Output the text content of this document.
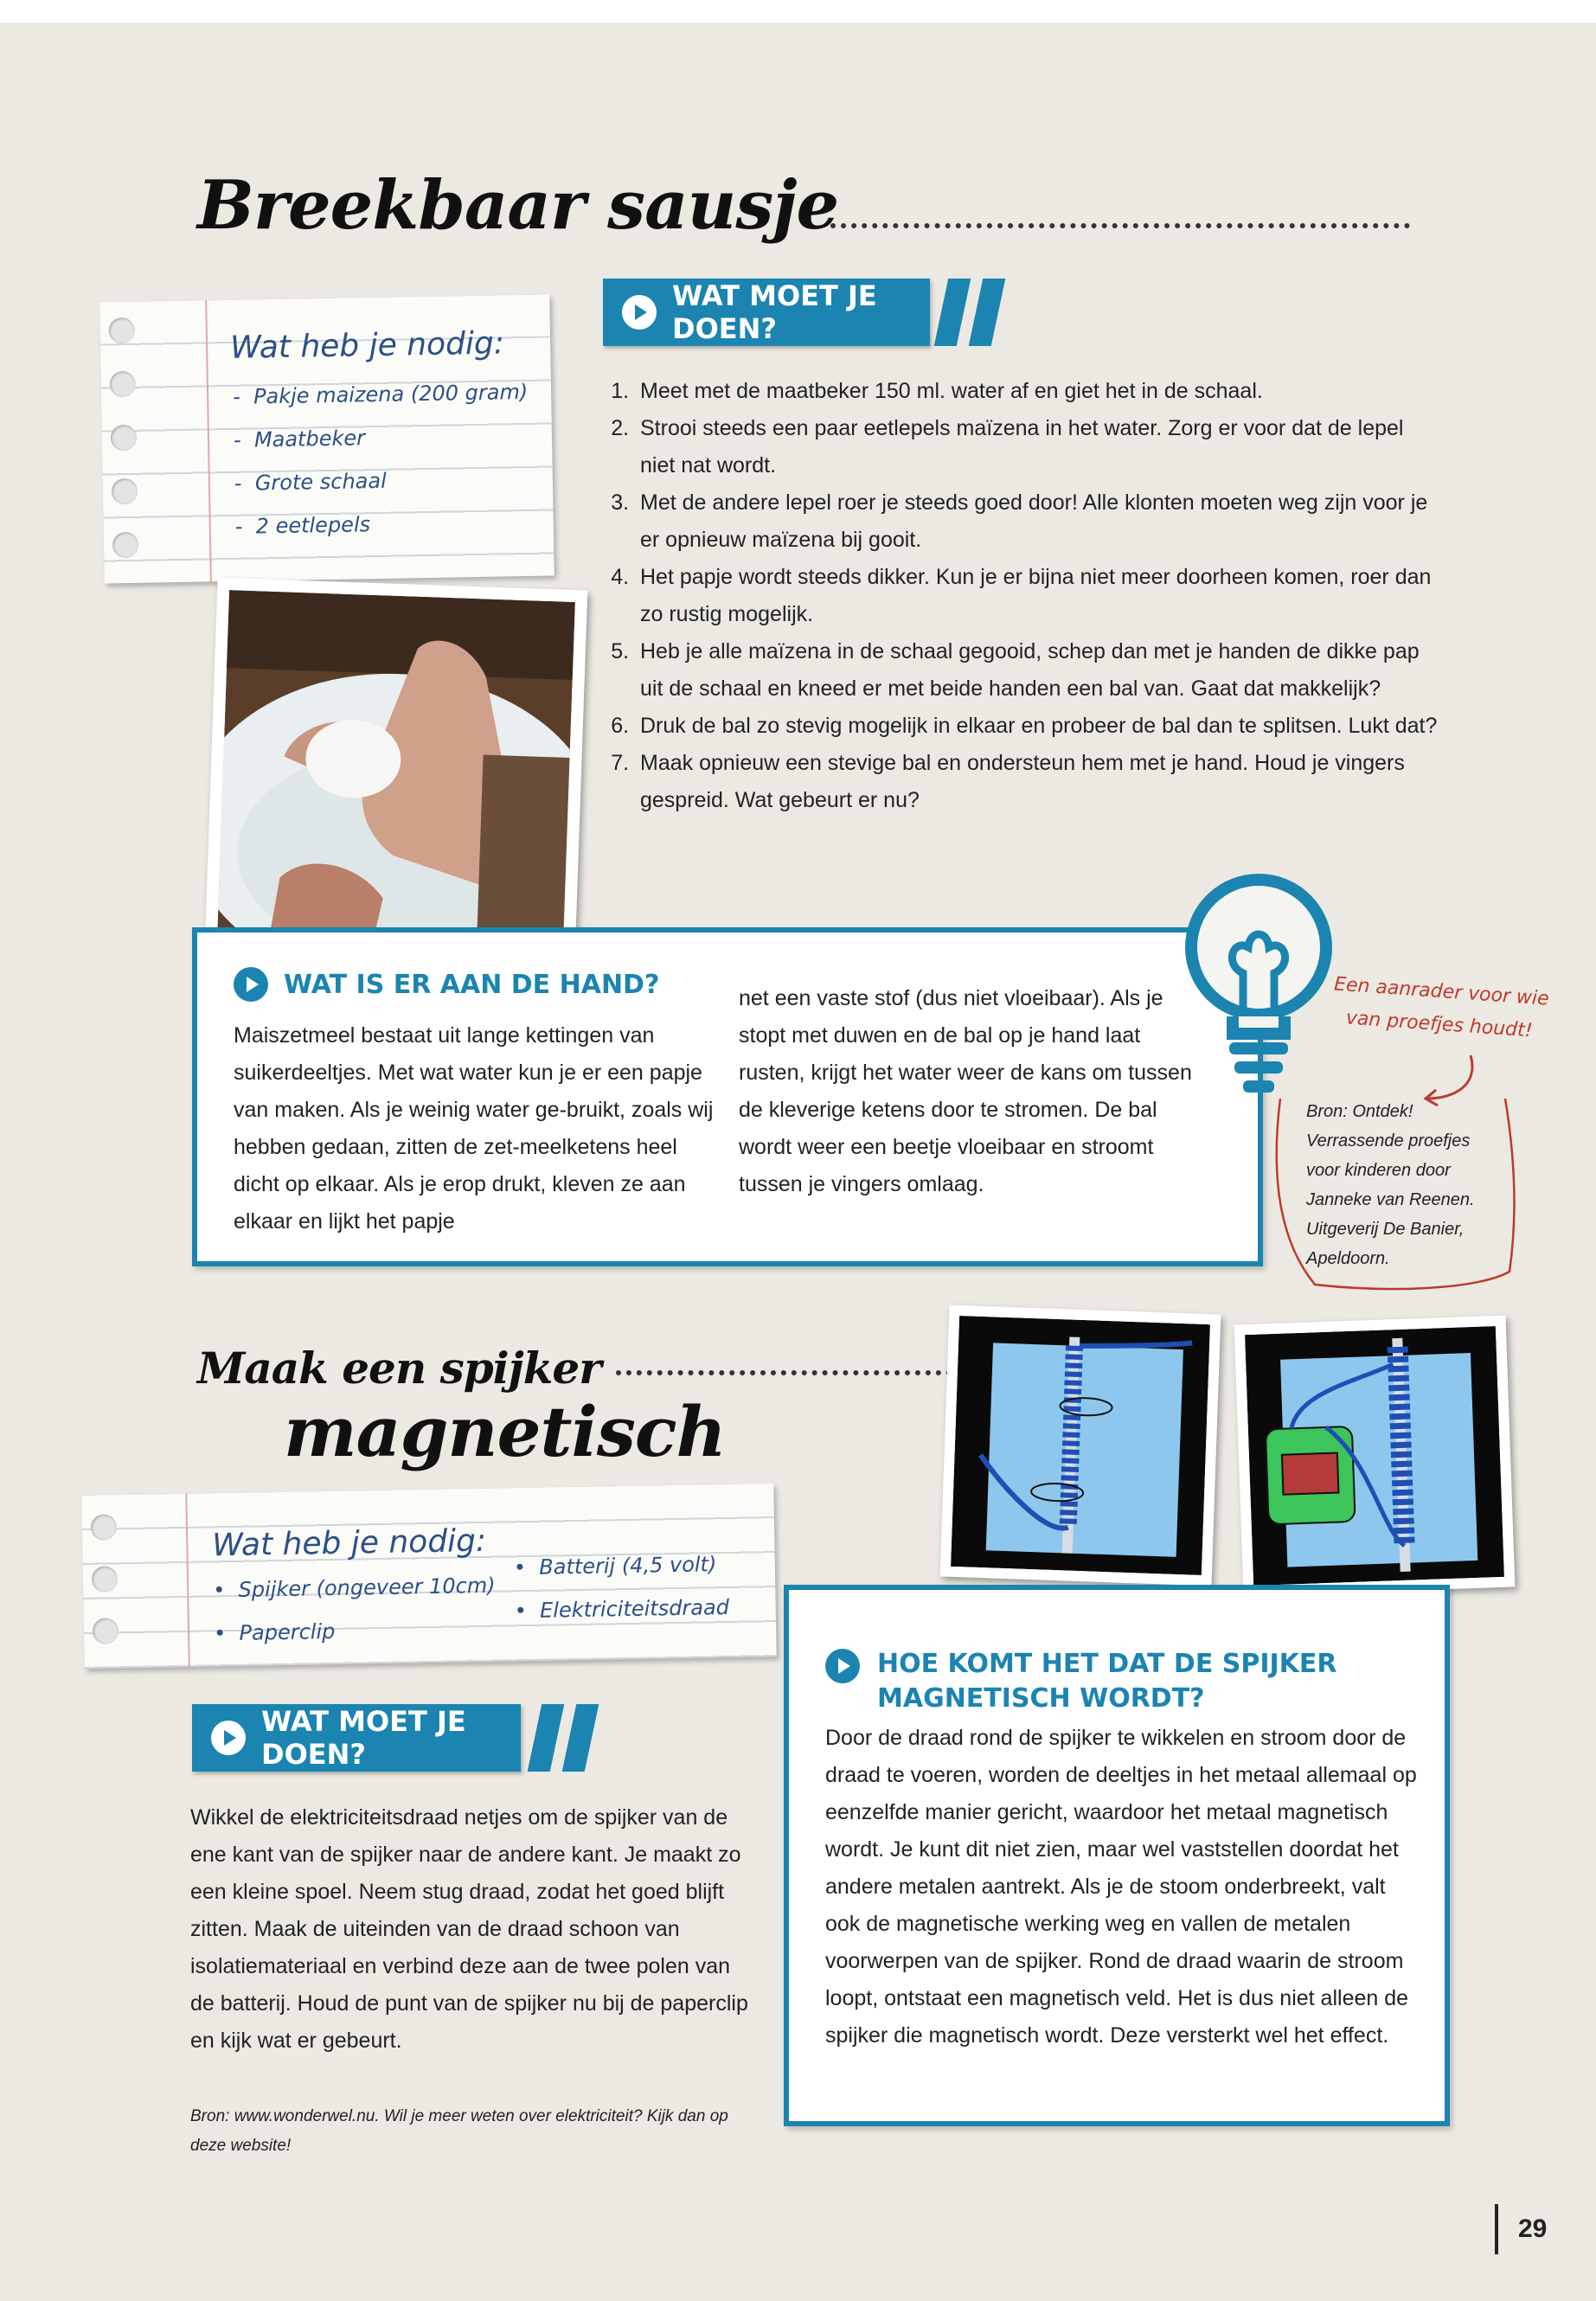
Breekbaar sausje
Wat heb je nodig:
-  Pakje maizena (200 gram)
-  Maatbeker
-  Grote schaal
-  2 eetlepels
WAT MOET JE DOEN?
1. Meet met de maatbeker 150 ml. water af en giet het in de schaal.
2. Strooi steeds een paar eetlepels maïzena in het water. Zorg er voor dat de lepel niet nat wordt.
3. Met de andere lepel roer je steeds goed door! Alle klonten moeten weg zijn voor je er opnieuw maïzena bij gooit.
4. Het papje wordt steeds dikker. Kun je er bijna niet meer doorheen komen, roer dan zo rustig mogelijk.
5. Heb je alle maïzena in de schaal gegooid, schep dan met je handen de dikke pap uit de schaal en kneed er met beide handen een bal van. Gaat dat makkelijk?
6. Druk de bal zo stevig mogelijk in elkaar en probeer de bal dan te splitsen. Lukt dat?
7. Maak opnieuw een stevige bal en ondersteun hem met je hand. Houd je vingers gespreid. Wat gebeurt er nu?
WAT IS ER AAN DE HAND?
Maiszetmeel bestaat uit lange kettingen van suikerdeeltjes. Met wat water kun je er een papje van maken. Als je weinig water ge-bruikt, zoals wij hebben gedaan, zitten de zet-meelketens heel dicht op elkaar. Als je erop drukt, kleven ze aan elkaar en lijkt het papje
net een vaste stof (dus niet vloeibaar). Als je stopt met duwen en de bal op je hand laat rusten, krijgt het water weer de kans om tussen de kleverige ketens door te stromen. De bal wordt weer een beetje vloeibaar en stroomt tussen je vingers omlaag.
Een aanrader voor wie van proefjes houdt!
Bron: Ontdek! Verrassende proefjes voor kinderen door Janneke van Reenen. Uitgeverij De Banier, Apeldoorn.
Maak een spijker
magnetisch
Wat heb je nodig:
•  Spijker (ongeveer 10cm)
•  Paperclip
•  Batterij (4,5 volt)
•  Elektriciteitsdraad
WAT MOET JE DOEN?
Wikkel de elektriciteitsdraad netjes om de spijker van de ene kant van de spijker naar de andere kant. Je maakt zo een kleine spoel. Neem stug draad, zodat het goed blijft zitten. Maak de uiteinden van de draad schoon van isolatiemateriaal en verbind deze aan de twee polen van de batterij. Houd de punt van de spijker nu bij de paperclip en kijk wat er gebeurt.
Bron: www.wonderwel.nu. Wil je meer weten over elektriciteit? Kijk dan op deze website!
HOE KOMT HET DAT DE SPIJKER MAGNETISCH WORDT?
Door de draad rond de spijker te wikkelen en stroom door de draad te voeren, worden de deeltjes in het metaal allemaal op eenzelfde manier gericht, waardoor het metaal magnetisch wordt. Je kunt dit niet zien, maar wel vaststellen doordat het andere metalen aantrekt. Als je de stoom onderbreekt, valt ook de magnetische werking weg en vallen de metalen voorwerpen van de spijker. Rond de draad waarin de stroom loopt, ontstaat een magnetisch veld. Het is dus niet alleen de spijker die magnetisch wordt. Deze versterkt wel het effect.
29
